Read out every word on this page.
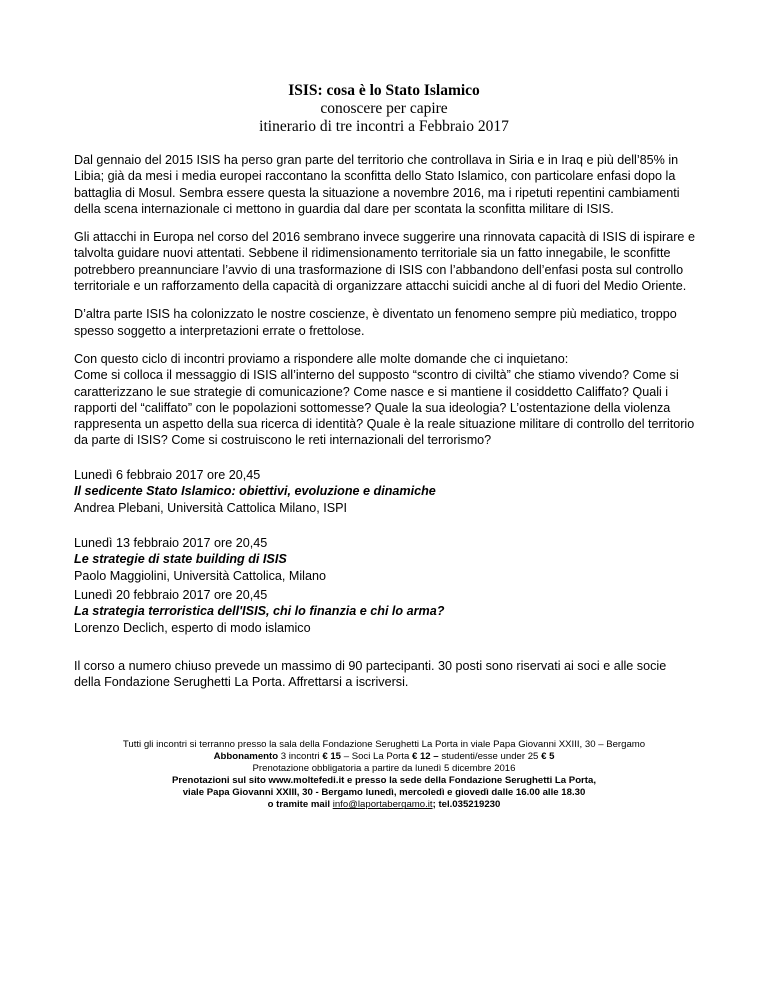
ISIS: cosa è lo Stato Islamico
conoscere per capire
itinerario di tre incontri a Febbraio 2017

Dal gennaio del 2015 ISIS ha perso gran parte del territorio che controllava in Siria e in Iraq e più dell’85% in Libia; già da mesi i media europei raccontano la sconfitta dello Stato Islamico, con particolare enfasi dopo la battaglia di Mosul. Sembra essere questa la situazione a novembre 2016, ma i ripetuti repentini cambiamenti della scena internazionale ci mettono in guardia dal dare per scontata la sconfitta militare di ISIS.

Gli attacchi in Europa nel corso del 2016 sembrano invece suggerire una rinnovata capacità di ISIS di ispirare e talvolta guidare nuovi attentati. Sebbene il ridimensionamento territoriale sia un fatto innegabile, le sconfitte potrebbero preannunciare l’avvio di una trasformazione di ISIS con l’abbandono dell’enfasi posta sul controllo territoriale e un rafforzamento della capacità di organizzare attacchi suicidi anche al di fuori del Medio Oriente.

D’altra parte ISIS ha colonizzato le nostre coscienze, è diventato un fenomeno sempre più mediatico, troppo spesso soggetto a interpretazioni errate o frettolose.

Con questo ciclo di incontri proviamo a rispondere alle molte domande che ci inquietano:
Come si colloca il messaggio di ISIS all’interno del supposto “scontro di civiltà” che stiamo vivendo? Come si caratterizzano le sue strategie di comunicazione? Come nasce e si mantiene il cosiddetto Califfato? Quali i rapporti del “califfato” con le popolazioni sottomesse? Quale la sua ideologia? L’ostentazione della violenza rappresenta un aspetto della sua ricerca di identità? Quale è la reale situazione militare di controllo del territorio da parte di ISIS? Come si costruiscono le reti internazionali del terrorismo?

Lunedì 6 febbraio 2017 ore 20,45
Il sedicente Stato Islamico: obiettivi, evoluzione e dinamiche
Andrea Plebani, Università Cattolica Milano, ISPI
Lunedì 13 febbraio 2017 ore 20,45
Le strategie di state building di ISIS
Paolo Maggiolini, Università Cattolica, Milano
Lunedì 20 febbraio 2017 ore 20,45
La strategia terroristica dell'ISIS, chi lo finanzia e chi lo arma?
Lorenzo Declich, esperto di modo islamico
Il corso a numero chiuso prevede un massimo di 90 partecipanti. 30 posti sono riservati ai soci e alle socie della Fondazione Serughetti La Porta. Affrettarsi a iscriversi.
Tutti gli incontri si terranno presso la sala della Fondazione Serughetti La Porta in viale Papa Giovanni XXIII, 30 – Bergamo
Abbonamento 3 incontri € 15 – Soci La Porta € 12 – studenti/esse under 25 € 5
Prenotazione obbligatoria a partire da lunedì 5 dicembre 2016
Prenotazioni sul sito www.moltefedi.it e presso la sede della Fondazione Serughetti La Porta,
viale Papa Giovanni XXIII, 30 - Bergamo lunedì, mercoledì e giovedì dalle 16.00 alle 18.30
o tramite mail info@laportabergamo.it; tel.035219230
